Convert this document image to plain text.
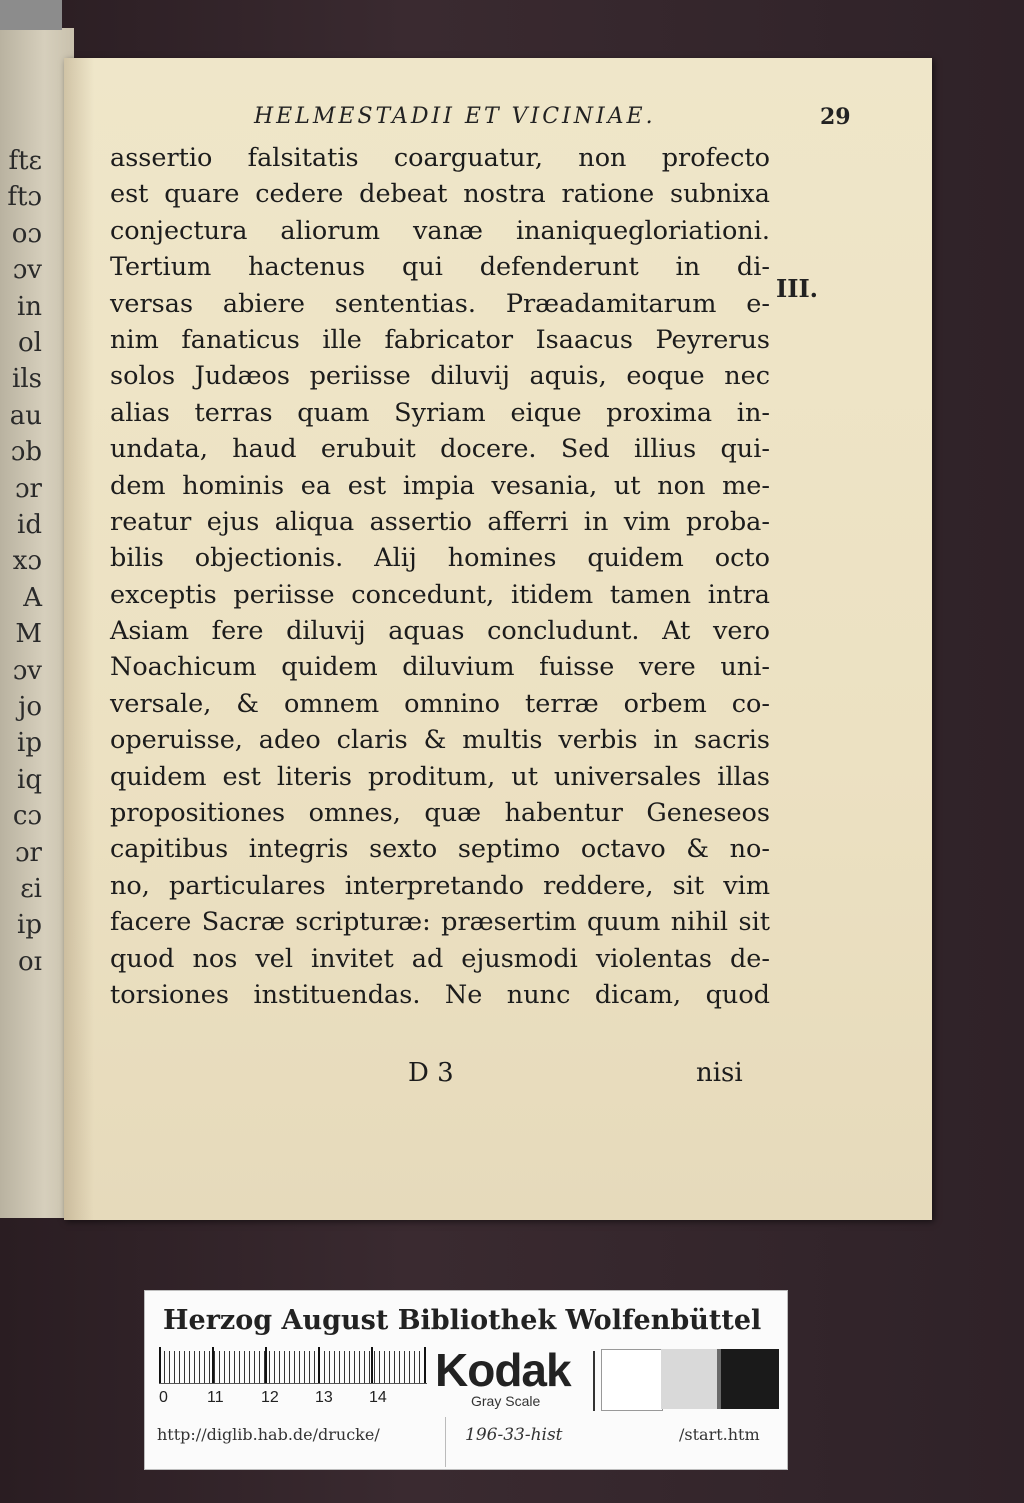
ftε
ftɔ
oɔ
ɔv
in
ol
ils
au
ɔb
ɔr
id
xɔ
A
M
ɔv
jo
ip
iq
cɔ
ɔr
ɛi
ip
oɪ
HELMESTADII ET VICINIAE.	29
III.
assertio falsitatis coarguatur, non profecto
est quare cedere debeat nostra ratione subnixa
conjectura aliorum vanæ inaniquegloriationi.
Tertium hactenus qui defenderunt in di-
versas abiere sententias. Præadamitarum e-
nim fanaticus ille fabricator Isaacus Peyrerus
solos Judæos periisse diluvij aquis, eoque nec
alias terras quam Syriam eique proxima in-
undata, haud erubuit docere. Sed illius qui-
dem hominis ea est impia vesania, ut non me-
reatur ejus aliqua assertio afferri in vim proba-
bilis objectionis. Alij homines quidem octo
exceptis periisse concedunt, itidem tamen intra
Asiam fere diluvij aquas concludunt. At vero
Noachicum quidem diluvium fuisse vere uni-
versale, & omnem omnino terræ orbem co-
operuisse, adeo claris & multis verbis in sacris
quidem est literis proditum, ut universales illas
propositiones omnes, quæ habentur Geneseos
capitibus integris sexto septimo octavo & no-
no, particulares interpretando reddere, sit vim
facere Sacræ scripturæ: præsertim quum nihil sit
quod nos vel invitet ad ejusmodi violentas de-
torsiones instituendas. Ne nunc dicam, quod
D 3	nisi
Herzog August Bibliothek Wolfenbüttel
0 11 12 13 14
Kodak
Gray Scale
http://diglib.hab.de/drucke/	196-33-hist	/start.htm
